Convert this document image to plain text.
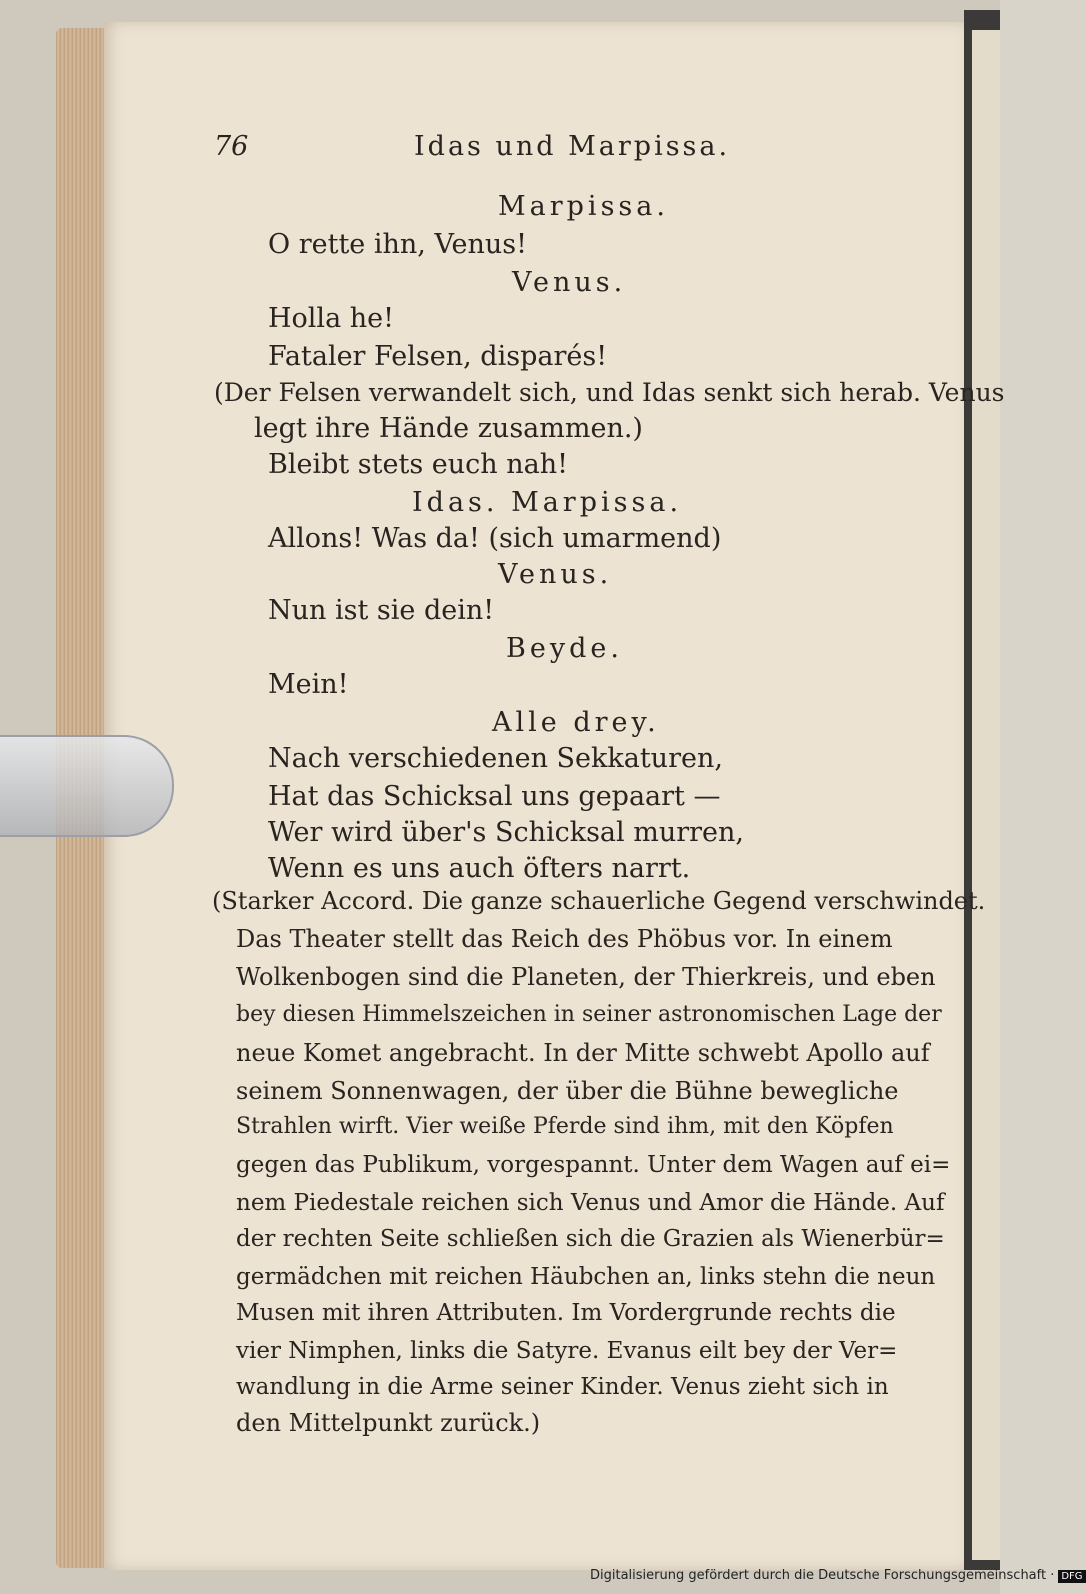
76	Idas und Marpissa.
Marpissa.
O rette ihn, Venus!
Venus.
Holla he!
Fataler Felsen, disparés!
(Der Felsen verwandelt sich, und Idas senkt sich herab. Venus
legt ihre Hände zusammen.)
Bleibt stets euch nah!
Idas. Marpissa.
Allons! Was da! (sich umarmend)
Venus.
Nun ist sie dein!
Beyde.
Mein!
Alle drey.
Nach verschiedenen Sekkaturen,
Hat das Schicksal uns gepaart —
Wer wird über's Schicksal murren,
Wenn es uns auch öfters narrt.
(Starker Accord. Die ganze schauerliche Gegend verschwindet.
Das Theater stellt das Reich des Phöbus vor. In einem
Wolkenbogen sind die Planeten, der Thierkreis, und eben
bey diesen Himmelszeichen in seiner astronomischen Lage der
neue Komet angebracht. In der Mitte schwebt Apollo auf
seinem Sonnenwagen, der über die Bühne bewegliche
Strahlen wirft. Vier weiße Pferde sind ihm, mit den Köpfen
gegen das Publikum, vorgespannt. Unter dem Wagen auf ei=
nem Piedestale reichen sich Venus und Amor die Hände. Auf
der rechten Seite schließen sich die Grazien als Wienerbür=
germädchen mit reichen Häubchen an, links stehn die neun
Musen mit ihren Attributen. Im Vordergrunde rechts die
vier Nimphen, links die Satyre. Evanus eilt bey der Ver=
wandlung in die Arme seiner Kinder. Venus zieht sich in
den Mittelpunkt zurück.)
Digitalisierung gefördert durch die Deutsche Forschungsgemeinschaft · DFG
